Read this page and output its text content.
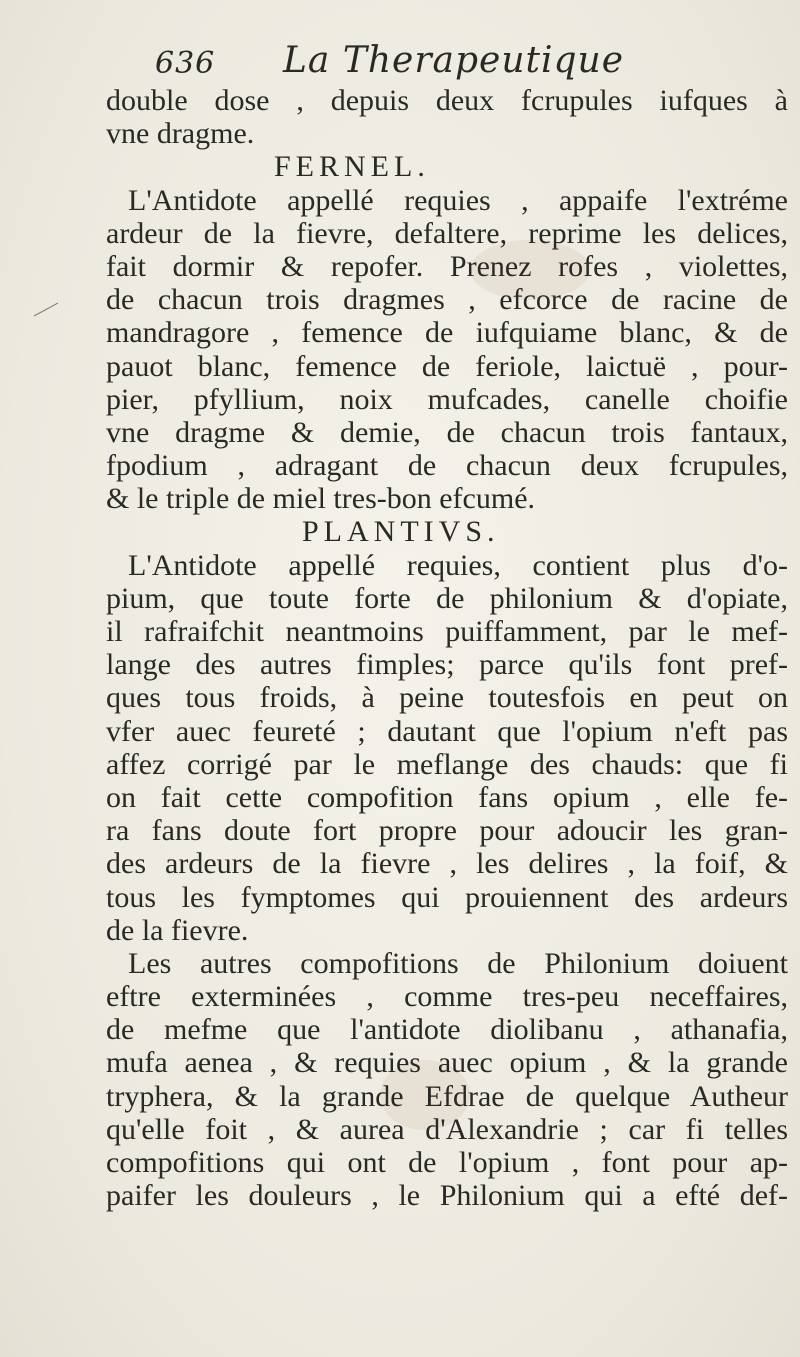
636 La Therapeutique
double dose , depuis deux fcrupules iufques à
vne dragme.
FERNEL.
L'Antidote appellé requies , appaife l'extréme
ardeur de la fievre, defaltere, reprime les delices,
fait dormir & repofer. Prenez rofes , violettes,
de chacun trois dragmes , efcorce de racine de
mandragore , femence de iufquiame blanc, & de
pauot blanc, femence de feriole, laictuë , pour-
pier, pfyllium, noix mufcades, canelle choifie
vne dragme & demie, de chacun trois fantaux,
fpodium , adragant de chacun deux fcrupules,
& le triple de miel tres-bon efcumé.
PLANTIVS.
L'Antidote appellé requies, contient plus d'o-
pium, que toute forte de philonium & d'opiate,
il rafraifchit neantmoins puiffamment, par le mef-
lange des autres fimples; parce qu'ils font pref-
ques tous froids, à peine toutesfois en peut on
vfer auec feureté ; dautant que l'opium n'eft pas
affez corrigé par le meflange des chauds: que fi
on fait cette compofition fans opium , elle fe-
ra fans doute fort propre pour adoucir les gran-
des ardeurs de la fievre , les delires , la foif, &
tous les fymptomes qui prouiennent des ardeurs
de la fievre.
Les autres compofitions de Philonium doiuent
eftre exterminées , comme tres-peu neceffaires,
de mefme que l'antidote diolibanu , athanafia,
mufa aenea , & requies auec opium , & la grande
tryphera, & la grande Efdrae de quelque Autheur
qu'elle foit , & aurea d'Alexandrie ; car fi telles
compofitions qui ont de l'opium , font pour ap-
paifer les douleurs , le Philonium qui a efté def-
